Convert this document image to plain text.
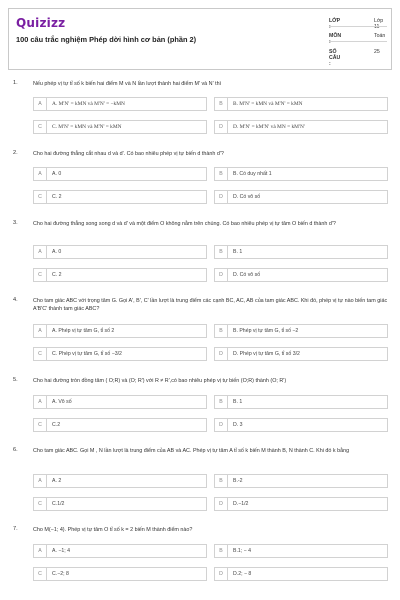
Quizizz
100 câu trắc nghiệm Phép dời hình cơ bản (phần 2)
LỚP :
Lớp 11
MÔN :
Toán
SỐ CÂU :
25
1.	Nếu phép vị tự tỉ số k biến hai điểm M và N lần lượt thành hai điểm M' và N' thì
A	A. M'N' = kMN và M'N' = −kMN	B	B. M'N' = kMN và M'N' = kMN
C	C. M'N' = kMN và M'N' = kMN	D	D. M'N' = kM'N' và MN = kM'N'
2.	Cho hai đường thẳng cắt nhau d và d'. Có bao nhiêu phép vị tự biến d thành d'?
A	A. 0	B	B. Có duy nhất 1
C	C. 2	D	D. Có vô số
3.	Cho hai đường thẳng song song d và d' và một điểm O không nằm trên chúng. Có bao nhiêu phép vị tự tâm O biến d thành d'?
A	A. 0	B	B. 1
C	C. 2	D	D. Có vô số
4.	Cho tam giác ABC với trọng tâm G. Gọi A', B', C' lần lượt là trung điểm các cạnh BC, AC, AB của tam giác ABC. Khi đó, phép vị tự nào biến tam giác A'B'C' thành tam giác ABC?
A	A. Phép vị tự tâm G, tỉ số 2	B	B. Phép vị tự tâm G, tỉ số −2
C	C. Phép vị tự tâm G, tỉ số −3/2	D	D. Phép vị tự tâm G, tỉ số 3/2
5.	Cho hai đường tròn đồng tâm ( O;R) và (O; R') với R ≠ R',có bao nhiêu phép vị tự biến (O;R) thành (O; R')
A	A. Vô số	B	B. 1
C	C.2	D	D. 3
6.	Cho tam giác ABC. Gọi M , N lần lượt là trung điểm của AB và AC. Phép vị tự tâm A tỉ số k biến M thành B, N thành C. Khi đó k bằng
A	A. 2	B	B.-2
C	C.1/2	D	D.−1/2
7.	Cho M(−1; 4). Phép vị tự tâm O tỉ số k = 2 biến M thành điểm nào?
A	A. −1; 4	B	B.1; − 4
C	C.−2; 8	D	D.2; − 8
